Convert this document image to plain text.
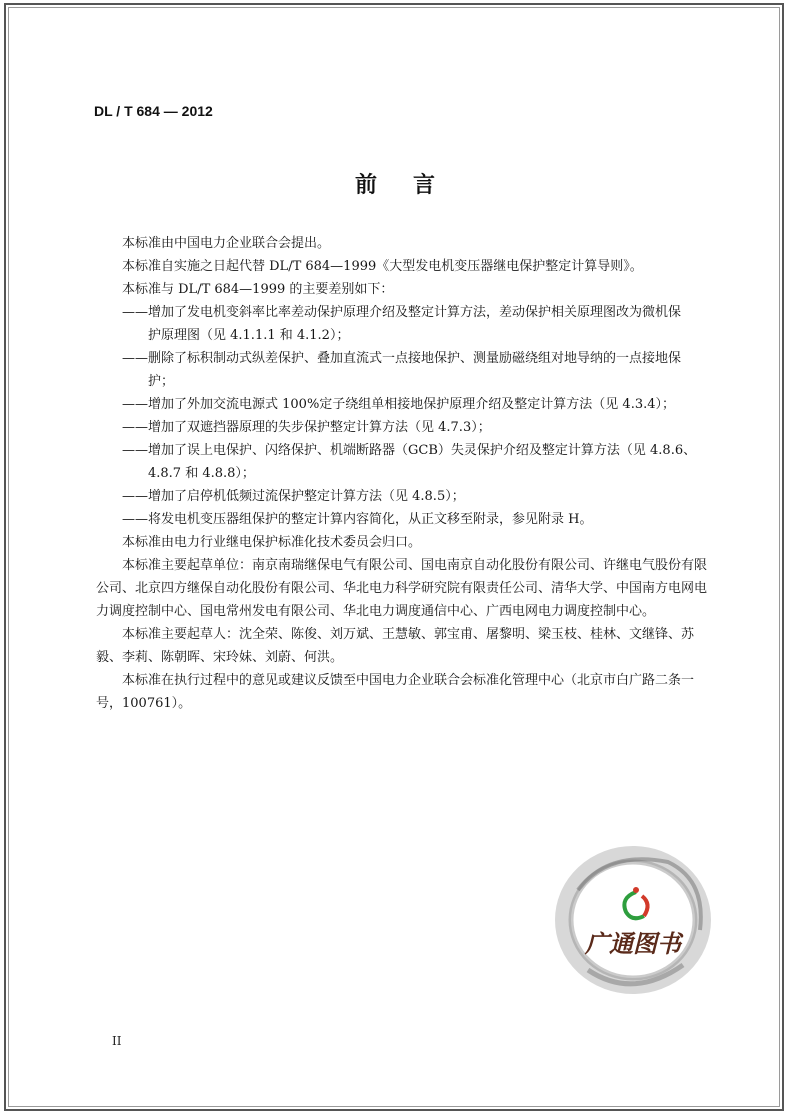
DL / T 684 — 2012
前言

本标准由中国电力企业联合会提出。

本标准自实施之日起代替 DL/T 684—1999《大型发电机变压器继电保护整定计算导则》。

本标准与 DL/T 684—1999 的主要差别如下：

——增加了发电机变斜率比率差动保护原理介绍及整定计算方法，差动保护相关原理图改为微机保

护原理图（见 4.1.1.1 和 4.1.2）；

——删除了标积制动式纵差保护、叠加直流式一点接地保护、测量励磁绕组对地导纳的一点接地保

护；

——增加了外加交流电源式 100%定子绕组单相接地保护原理介绍及整定计算方法（见 4.3.4）；

——增加了双遮挡器原理的失步保护整定计算方法（见 4.7.3）；

——增加了误上电保护、闪络保护、机端断路器（GCB）失灵保护介绍及整定计算方法（见 4.8.6、

4.8.7 和 4.8.8）；

——增加了启停机低频过流保护整定计算方法（见 4.8.5）；

——将发电机变压器组保护的整定计算内容简化，从正文移至附录，参见附录 H。

本标准由电力行业继电保护标准化技术委员会归口。

本标准主要起草单位：南京南瑞继保电气有限公司、国电南京自动化股份有限公司、许继电气股份有限公司、北京四方继保自动化股份有限公司、华北电力科学研究院有限责任公司、清华大学、中国南方电网电力调度控制中心、国电常州发电有限公司、华北电力调度通信中心、广西电网电力调度控制中心。

本标准主要起草人：沈全荣、陈俊、刘万斌、王慧敏、郭宝甫、屠黎明、梁玉枝、桂林、文继锋、苏毅、李莉、陈朝晖、宋玲妹、刘蔚、何洪。

本标准在执行过程中的意见或建议反馈至中国电力企业联合会标准化管理中心（北京市白广路二条一号，100761）。

广通图书
II
